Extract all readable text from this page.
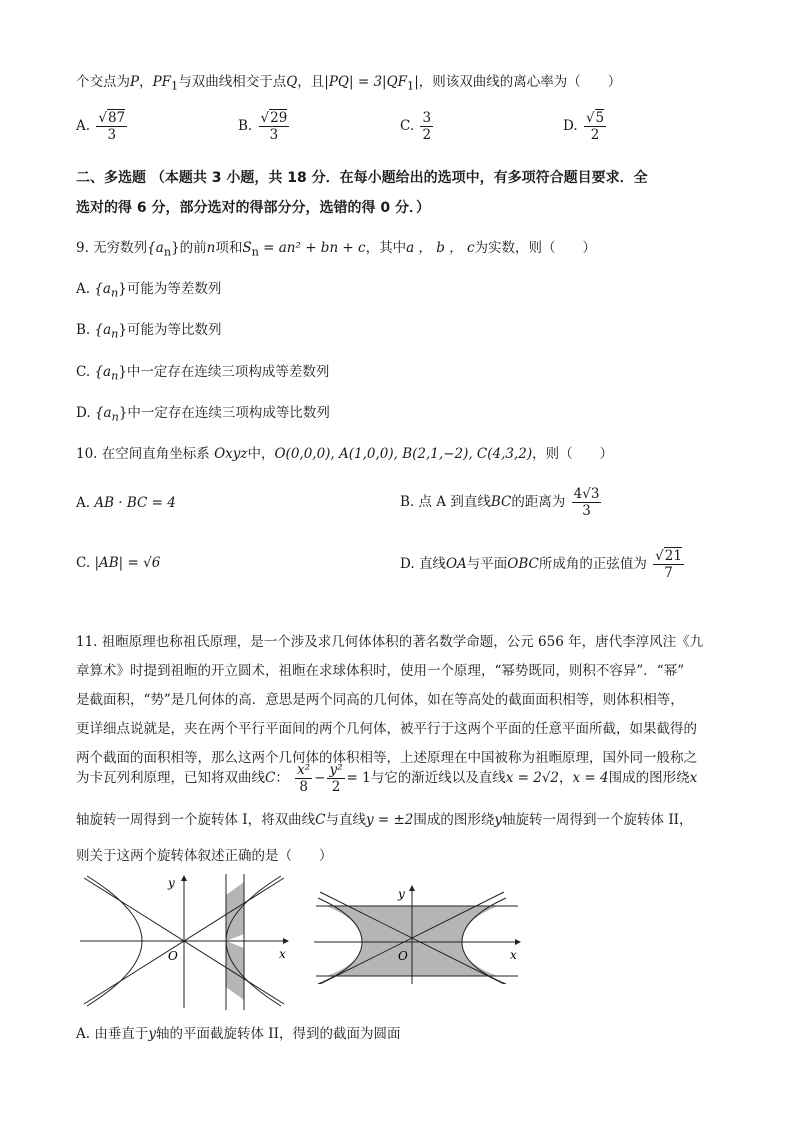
个交点为P，$PF_1$与双曲线相交于点Q，且$|PQ| = 3|QF_1|$，则该双曲线的离心率为（　　）
A. $\frac{√87}{3}$	B. $\frac{√29}{3}$	C. $\frac{3}{2}$	D. $\frac{√5}{2}$
二、多选题 （本题共 3 小题，共 18 分．在每小题给出的选项中，有多项符合题目要求．全
选对的得 6 分，部分选对的得部分分，选错的得 0 分．）
9. 无穷数列$\{a_n\}$的前n项和$S_n = an^2$ + bn + c，其中a ， b ， c为实数，则（　　）
A. $\{a_n\}$可能为等差数列
B. $\{a_n\}$可能为等比数列
C. $\{a_n\}$中一定存在连续三项构成等差数列
D. $\{a_n\}$中一定存在连续三项构成等比数列
10. 在空间直角坐标系 Oxyz中，O(0,0,0), A(1,0,0), B(2,1,−2), C(4,3,2)，则（　　）
A. AB · BC = 4	B. 点 A 到直线BC的距离为 $\frac{4√3}{3}$
C. |AB| = √6	D. 直线OA与平面OBC所成角的正弦值为 $\frac{√21}{7}$
11. 祖暅原理也称祖氏原理，是一个涉及求几何体体积的著名数学命题，公元 656 年，唐代李淳风注《九
章算术》时提到祖暅的开立圆术，祖暅在求球体积时，使用一个原理，“幂势既同，则积不容异”．“幂”
是截面积，“势”是几何体的高．意思是两个同高的几何体，如在等高处的截面面积相等，则体积相等，
更详细点说就是，夹在两个平行平面间的两个几何体，被平行于这两个平面的任意平面所截，如果截得的
两个截面的面积相等，那么这两个几何体的体积相等，上述原理在中国被称为祖暅原理，国外同一般称之
为卡瓦列利原理，已知将双曲线C： $\frac{\text{x²}}{8} - \frac{\text{y²}}{2} = 1$与它的渐近线以及直线x = 2√2，x = 4围成的图形绕x
轴旋转一周得到一个旋转体 I，将双曲线C与直线y = ±2围成的图形绕y轴旋转一周得到一个旋转体 II，
则关于这两个旋转体叙述正确的是（　　）
y
x
O
y
x
O
A. 由垂直于y轴的平面截旋转体 II，得到的截面为圆面
